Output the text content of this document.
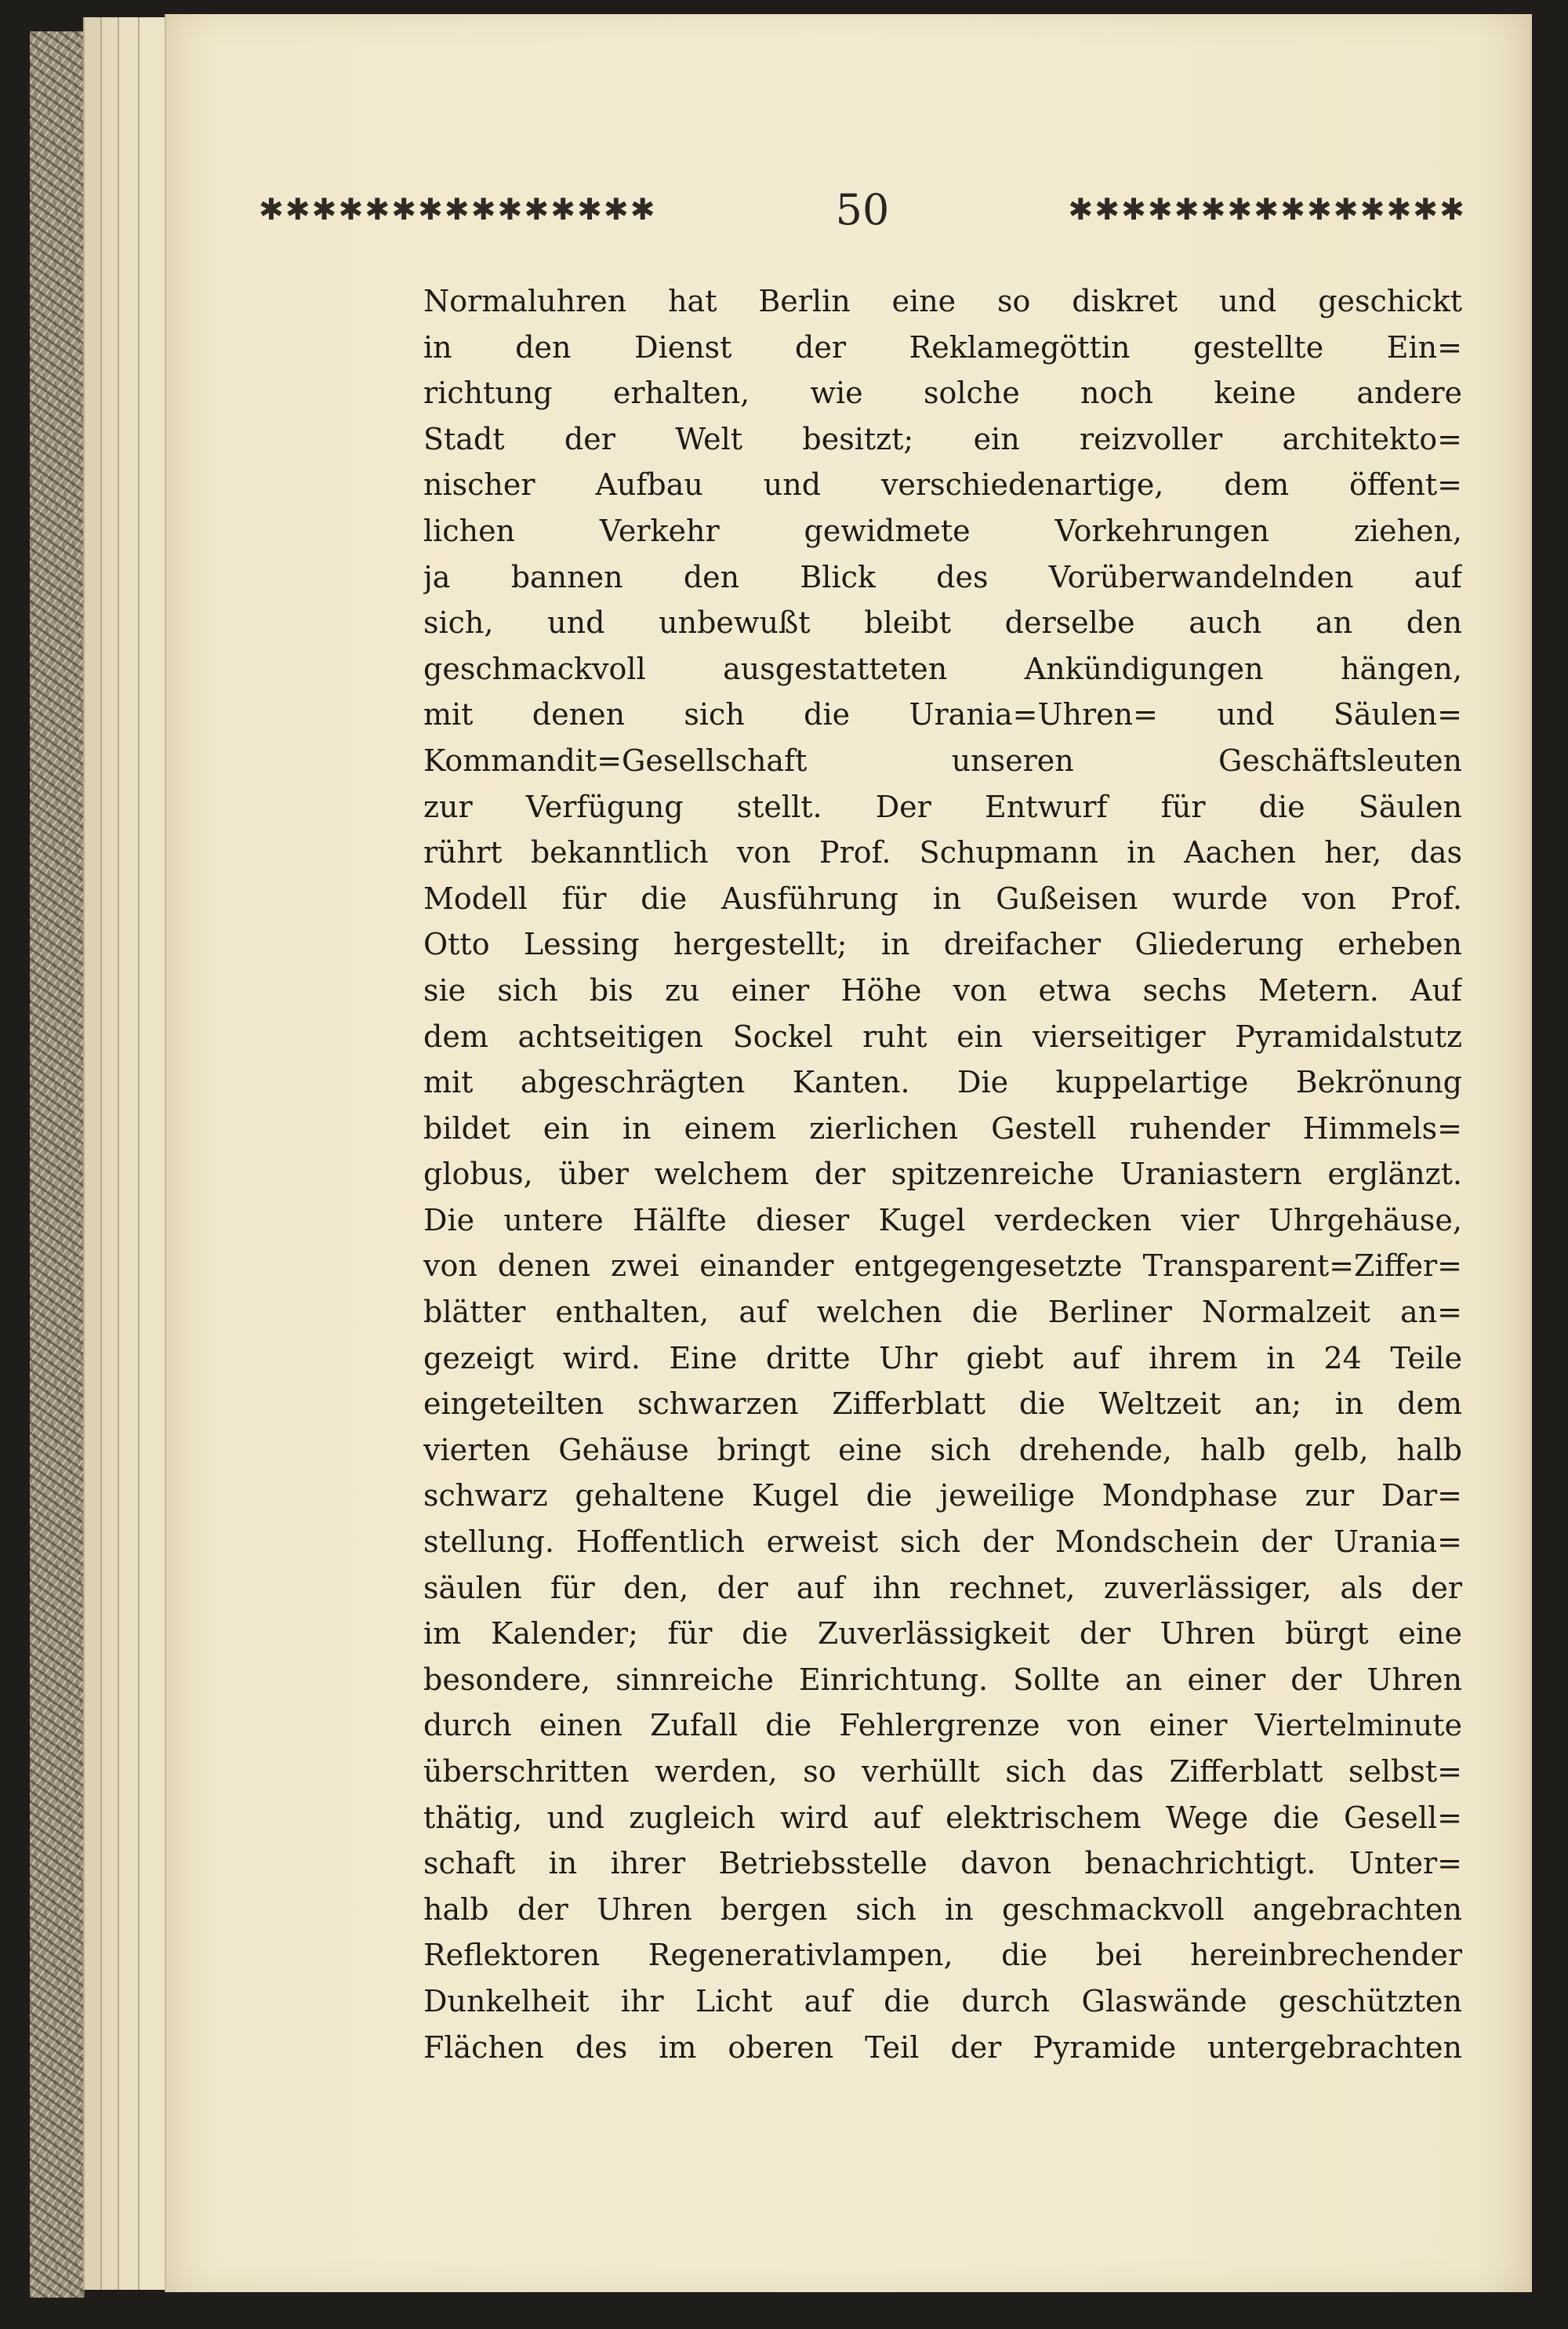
✱✱✱✱✱✱✱✱✱✱✱✱✱✱✱	50	✱✱✱✱✱✱✱✱✱✱✱✱✱✱✱
Normaluhren hat Berlin eine so diskret und geschickt
in den Dienst der Reklamegöttin gestellte Ein=
richtung erhalten, wie solche noch keine andere
Stadt der Welt besitzt; ein reizvoller architekto=
nischer Aufbau und verschiedenartige, dem öffent=
lichen Verkehr gewidmete Vorkehrungen ziehen,
ja bannen den Blick des Vorüberwandelnden auf
sich, und unbewußt bleibt derselbe auch an den
geschmackvoll ausgestatteten Ankündigungen hängen,
mit denen sich die Urania=Uhren= und Säulen=
Kommandit=Gesellschaft unseren Geschäftsleuten
zur Verfügung stellt. Der Entwurf für die Säulen
rührt bekanntlich von Prof. Schupmann in Aachen her, das
Modell für die Ausführung in Gußeisen wurde von Prof.
Otto Lessing hergestellt; in dreifacher Gliederung erheben
sie sich bis zu einer Höhe von etwa sechs Metern. Auf
dem achtseitigen Sockel ruht ein vierseitiger Pyramidalstutz
mit abgeschrägten Kanten. Die kuppelartige Bekrönung
bildet ein in einem zierlichen Gestell ruhender Himmels=
globus, über welchem der spitzenreiche Uraniastern erglänzt.
Die untere Hälfte dieser Kugel verdecken vier Uhrgehäuse,
von denen zwei einander entgegengesetzte Transparent=Ziffer=
blätter enthalten, auf welchen die Berliner Normalzeit an=
gezeigt wird. Eine dritte Uhr giebt auf ihrem in 24 Teile
eingeteilten schwarzen Zifferblatt die Weltzeit an; in dem
vierten Gehäuse bringt eine sich drehende, halb gelb, halb
schwarz gehaltene Kugel die jeweilige Mondphase zur Dar=
stellung. Hoffentlich erweist sich der Mondschein der Urania=
säulen für den, der auf ihn rechnet, zuverlässiger, als der
im Kalender; für die Zuverlässigkeit der Uhren bürgt eine
besondere, sinnreiche Einrichtung. Sollte an einer der Uhren
durch einen Zufall die Fehlergrenze von einer Viertelminute
überschritten werden, so verhüllt sich das Zifferblatt selbst=
thätig, und zugleich wird auf elektrischem Wege die Gesell=
schaft in ihrer Betriebsstelle davon benachrichtigt. Unter=
halb der Uhren bergen sich in geschmackvoll angebrachten
Reflektoren Regenerativlampen, die bei hereinbrechender
Dunkelheit ihr Licht auf die durch Glaswände geschützten
Flächen des im oberen Teil der Pyramide untergebrachten
